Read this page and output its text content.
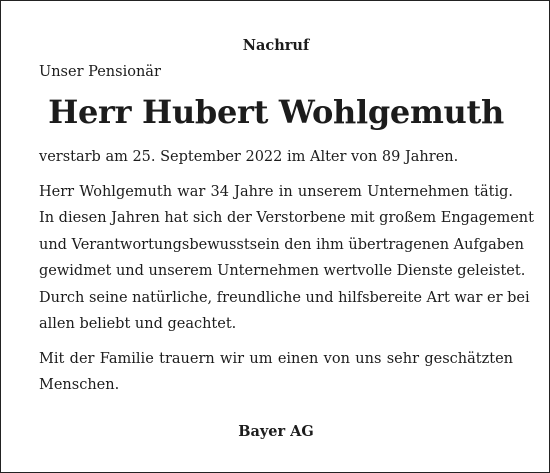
Nachruf
Unser Pensionär
Herr Hubert Wohlgemuth
verstarb am 25. September 2022 im Alter von 89 Jahren.
Herr Wohlgemuth war 34 Jahre in unserem Unternehmen tätig.
In diesen Jahren hat sich der Verstorbene mit großem Engagement
und Verantwortungsbewusstsein den ihm übertragenen Aufgaben
gewidmet und unserem Unternehmen wertvolle Dienste geleistet.
Durch seine natürliche, freundliche und hilfsbereite Art war er bei
allen beliebt und geachtet.
Mit der Familie trauern wir um einen von uns sehr geschätzten
Menschen.
Bayer AG
